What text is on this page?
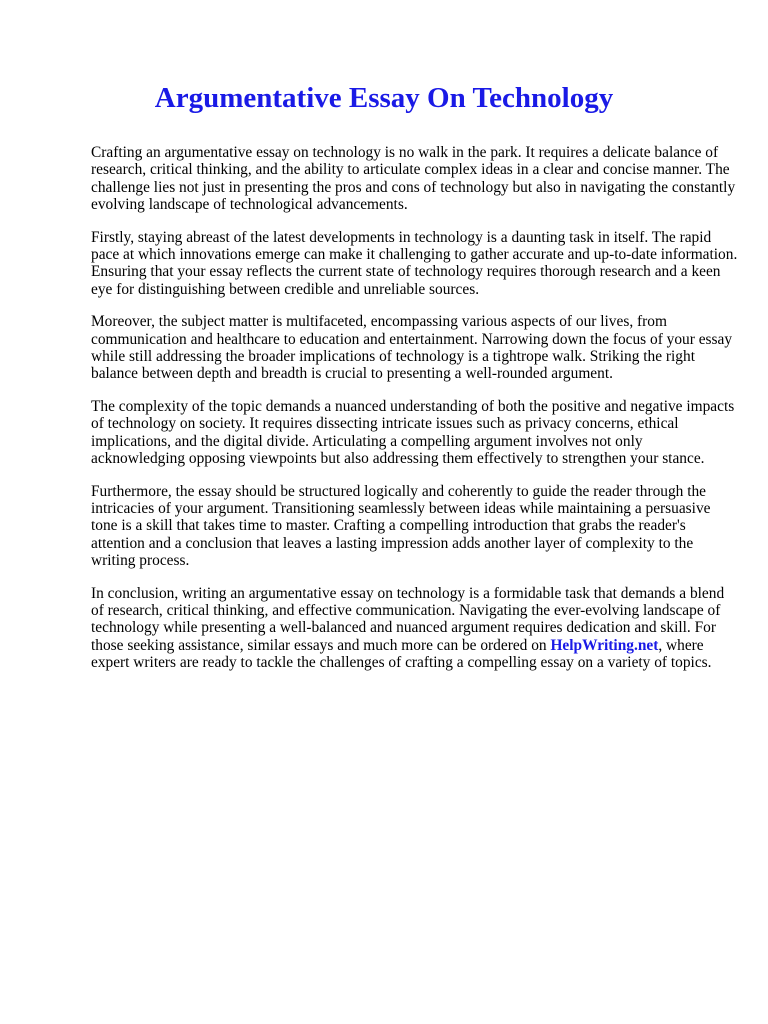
Argumentative Essay On Technology

Crafting an argumentative essay on technology is no walk in the park. It requires a delicate balance of research, critical thinking, and the ability to articulate complex ideas in a clear and concise manner. The challenge lies not just in presenting the pros and cons of technology but also in navigating the constantly evolving landscape of technological advancements.

Firstly, staying abreast of the latest developments in technology is a daunting task in itself. The rapid pace at which innovations emerge can make it challenging to gather accurate and up-to-date information. Ensuring that your essay reflects the current state of technology requires thorough research and a keen eye for distinguishing between credible and unreliable sources.

Moreover, the subject matter is multifaceted, encompassing various aspects of our lives, from communication and healthcare to education and entertainment. Narrowing down the focus of your essay while still addressing the broader implications of technology is a tightrope walk. Striking the right balance between depth and breadth is crucial to presenting a well-rounded argument.

The complexity of the topic demands a nuanced understanding of both the positive and negative impacts of technology on society. It requires dissecting intricate issues such as privacy concerns, ethical implications, and the digital divide. Articulating a compelling argument involves not only acknowledging opposing viewpoints but also addressing them effectively to strengthen your stance.

Furthermore, the essay should be structured logically and coherently to guide the reader through the intricacies of your argument. Transitioning seamlessly between ideas while maintaining a persuasive tone is a skill that takes time to master. Crafting a compelling introduction that grabs the reader's attention and a conclusion that leaves a lasting impression adds another layer of complexity to the writing process.

In conclusion, writing an argumentative essay on technology is a formidable task that demands a blend of research, critical thinking, and effective communication. Navigating the ever-evolving landscape of technology while presenting a well-balanced and nuanced argument requires dedication and skill. For those seeking assistance, similar essays and much more can be ordered on HelpWriting.net, where expert writers are ready to tackle the challenges of crafting a compelling essay on a variety of topics.
